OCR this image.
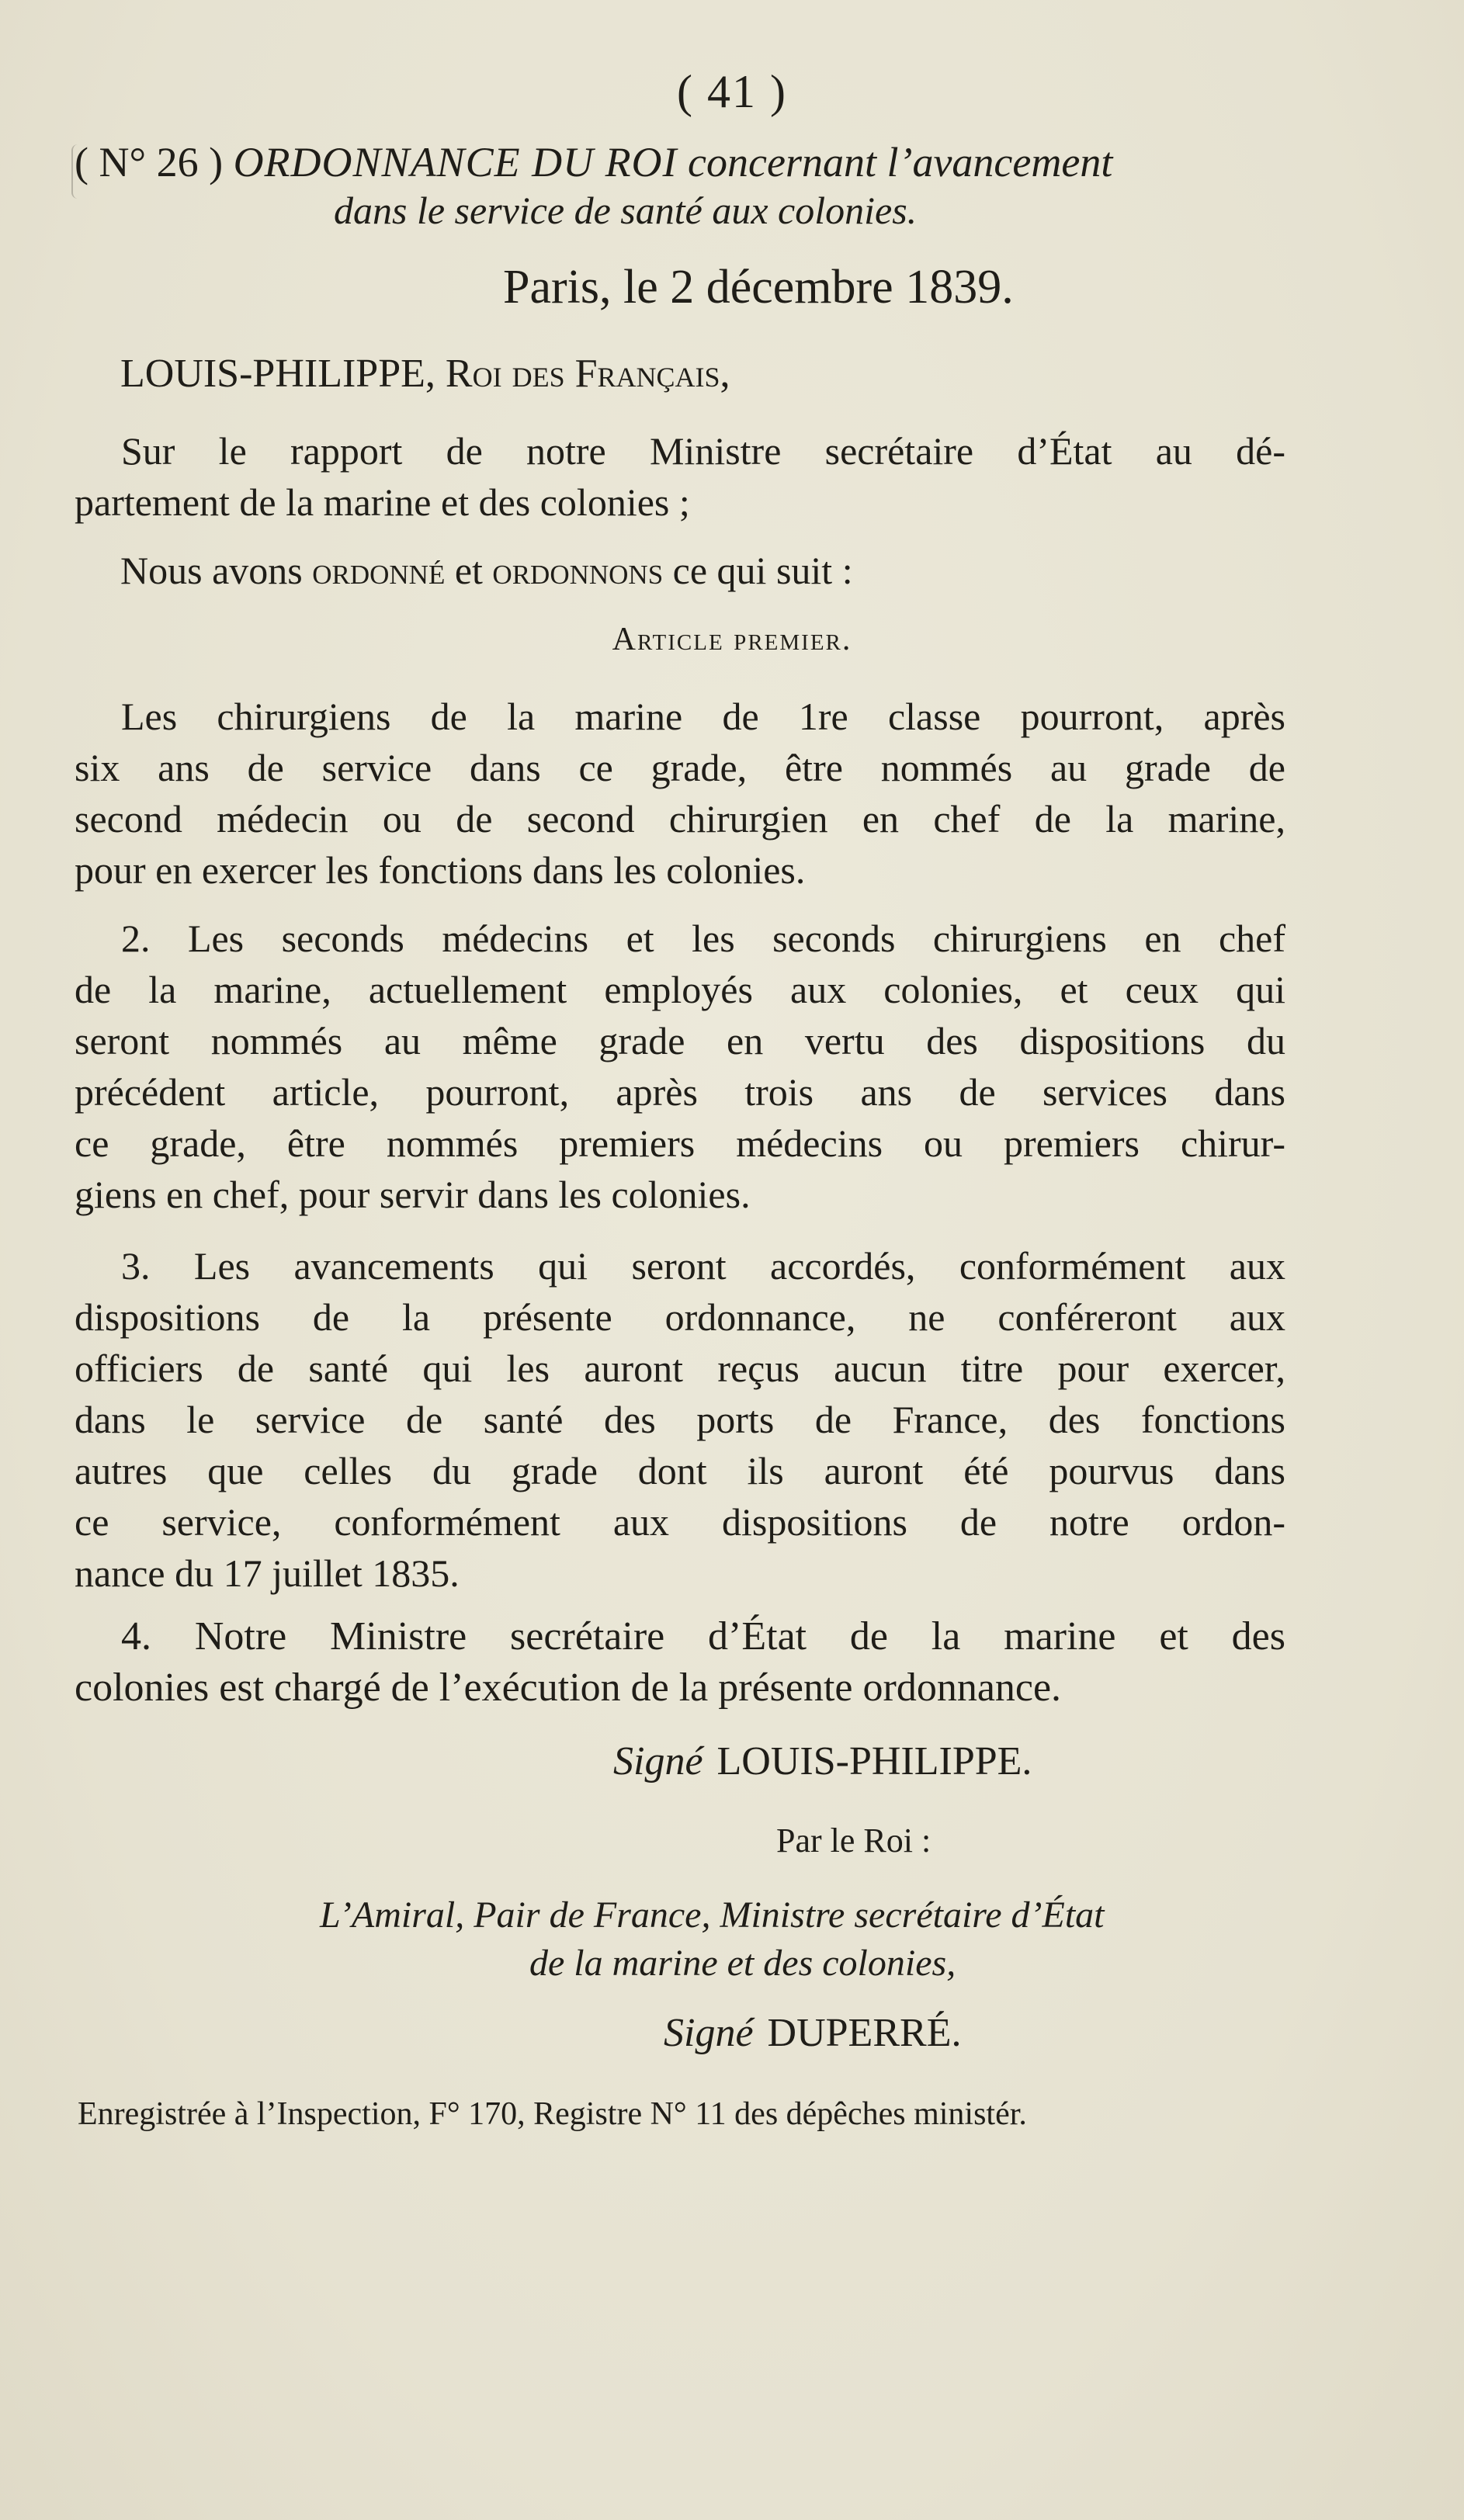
( 41 )
( N° 26 ) ORDONNANCE DU ROI concernant l’avancement
dans le service de santé aux colonies.
Paris, le 2 décembre 1839.
LOUIS-PHILIPPE, Roi des Français,
Sur le rapport de notre Ministre secrétaire d’État au dé-
partement de la marine et des colonies ;
Nous avons ordonné et ordonnons ce qui suit :
Article premier.
Les chirurgiens de la marine de 1re classe pourront, après
six ans de service dans ce grade, être nommés au grade de
second médecin ou de second chirurgien en chef de la marine,
pour en exercer les fonctions dans les colonies.
2. Les seconds médecins et les seconds chirurgiens en chef
de la marine, actuellement employés aux colonies, et ceux qui
seront nommés au même grade en vertu des dispositions du
précédent article, pourront, après trois ans de services dans
ce grade, être nommés premiers médecins ou premiers chirur-
giens en chef, pour servir dans les colonies.
3. Les avancements qui seront accordés, conformément aux
dispositions de la présente ordonnance, ne conféreront aux
officiers de santé qui les auront reçus aucun titre pour exercer,
dans le service de santé des ports de France, des fonctions
autres que celles du grade dont ils auront été pourvus dans
ce service, conformément aux dispositions de notre ordon-
nance du 17 juillet 1835.
4. Notre Ministre secrétaire d’État de la marine et des
colonies est chargé de l’exécution de la présente ordonnance.
Signé LOUIS-PHILIPPE.
Par le Roi :
L’Amiral, Pair de France, Ministre secrétaire d’État
de la marine et des colonies,
Signé DUPERRÉ.
Enregistrée à l’Inspection, F° 170, Registre N° 11 des dépêches ministér.
